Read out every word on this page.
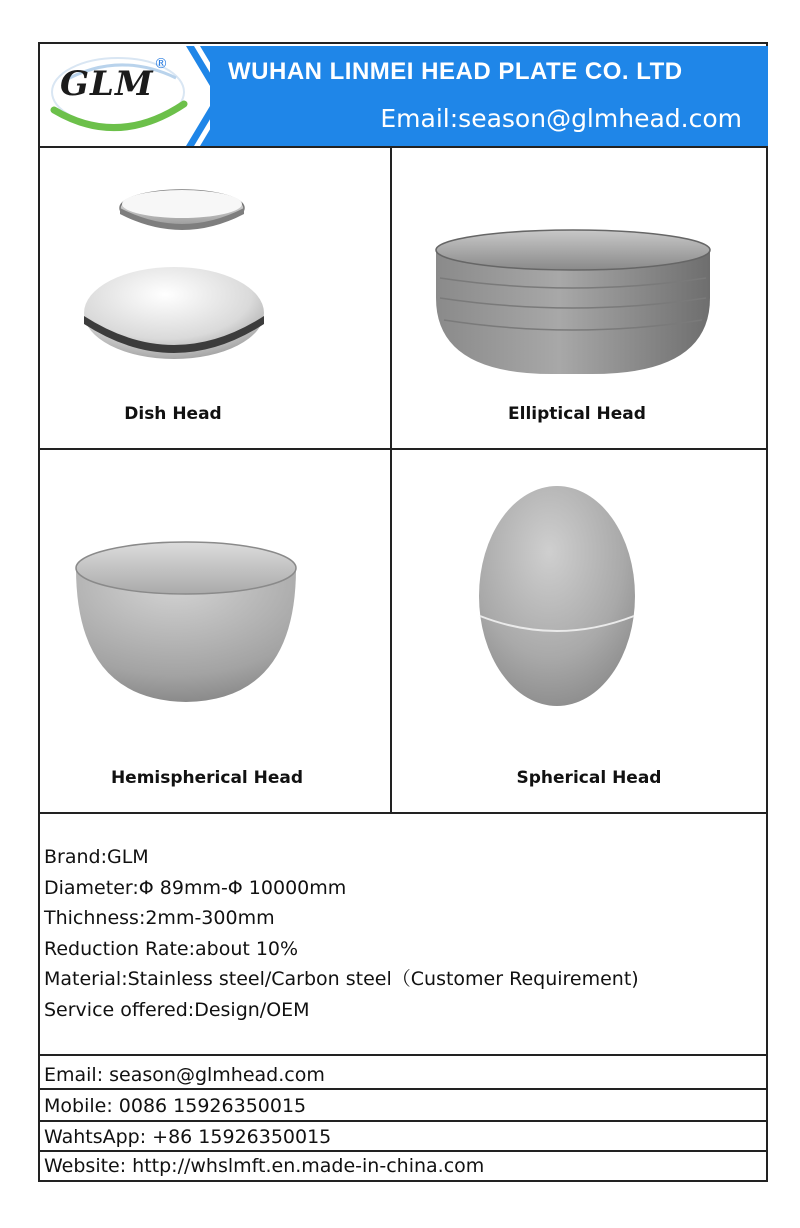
GLM ®	WUHAN LINMEI HEAD PLATE CO. LTD
Email:season@glmhead.com
Dish Head	Elliptical Head
Hemispherical Head	Spherical Head
Brand:GLM
Diameter:Φ 89mm-Φ 10000mm
Thichness:2mm-300mm
Reduction Rate:about 10%
Material:Stainless steel/Carbon steel（Customer Requirement)
Service offered:Design/OEM
Email: season@glmhead.com
Mobile: 0086 15926350015
WahtsApp: +86 15926350015
Website: http://whslmft.en.made-in-china.com
